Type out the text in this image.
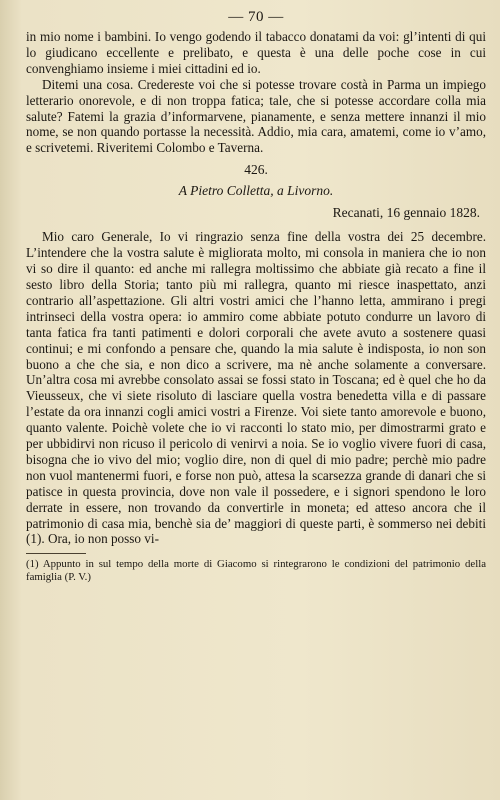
— 70 —

in mio nome i bambini. Io vengo godendo il tabacco donatami da voi: gl’intenti di qui lo giudicano eccellente e prelibato, e questa è una delle poche cose in cui convenghiamo insieme i miei cittadini ed io.

Ditemi una cosa. Credereste voi che si potesse trovare costà in Parma un impiego letterario onorevole, e di non troppa fatica; tale, che si potesse accordare colla mia salute? Fatemi la grazia d’informarvene, pianamente, e senza mettere innanzi il mio nome, se non quando portasse la necessità. Addio, mia cara, amatemi, come io v’amo, e scrivetemi. Riveritemi Colombo e Taverna.

426.
A Pietro Colletta, a Livorno.
Recanati, 16 gennaio 1828.

Mio caro Generale, Io vi ringrazio senza fine della vostra dei 25 decembre. L’intendere che la vostra salute è migliorata molto, mi consola in maniera che io non vi so dire il quanto: ed anche mi rallegra moltissimo che abbiate già recato a fine il sesto libro della Storia; tanto più mi rallegra, quanto mi riesce inaspettato, anzi contrario all’aspettazione. Gli altri vostri amici che l’hanno letta, ammirano i pregi intrinseci della vostra opera: io ammiro come abbiate potuto condurre un lavoro di tanta fatica fra tanti patimenti e dolori corporali che avete avuto a sostenere quasi continui; e mi confondo a pensare che, quando la mia salute è indisposta, io non son buono a che che sia, e non dico a scrivere, ma nè anche solamente a conversare. Un’altra cosa mi avrebbe consolato assai se fossi stato in Toscana; ed è quel che ho da Vieusseux, che vi siete risoluto di lasciare quella vostra benedetta villa e di passare l’estate da ora innanzi cogli amici vostri a Firenze. Voi siete tanto amorevole e buono, quanto valente. Poichè volete che io vi racconti lo stato mio, per dimostrarmi grato e per ubbidirvi non ricuso il pericolo di venirvi a noia. Se io voglio vivere fuori di casa, bisogna che io vivo del mio; voglio dire, non di quel di mio padre; perchè mio padre non vuol mantenermi fuori, e forse non può, attesa la scarsezza grande di danari che si patisce in questa provincia, dove non vale il possedere, e i signori spendono le loro derrate in essere, non trovando da convertirle in moneta; ed atteso ancora che il patrimonio di casa mia, benchè sia de’ maggiori di queste parti, è sommerso nei debiti (1). Ora, io non posso vi-

(1) Appunto in sul tempo della morte di Giacomo si rintegrarono le condizioni del patrimonio della famiglia (P. V.)
